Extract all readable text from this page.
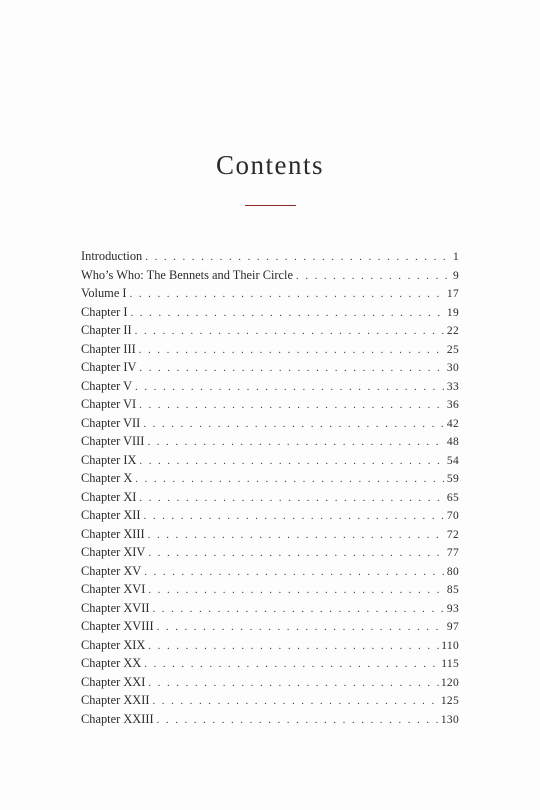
Contents
Introduction . . .	1
Who’s Who: The Bennets and Their Circle . . .	9
Volume I . . .	17
Chapter I . . .	19
Chapter II . . .	22
Chapter III . . .	25
Chapter IV . . .	30
Chapter V . . .	33
Chapter VI . . .	36
Chapter VII . . .	42
Chapter VIII . . .	48
Chapter IX . . .	54
Chapter X . . .	59
Chapter XI . . .	65
Chapter XII . . .	70
Chapter XIII . . .	72
Chapter XIV . . .	77
Chapter XV . . .	80
Chapter XVI . . .	85
Chapter XVII . . .	93
Chapter XVIII . . .	97
Chapter XIX . . .	110
Chapter XX . . .	115
Chapter XXI . . .	120
Chapter XXII . . .	125
Chapter XXIII . . .	130
